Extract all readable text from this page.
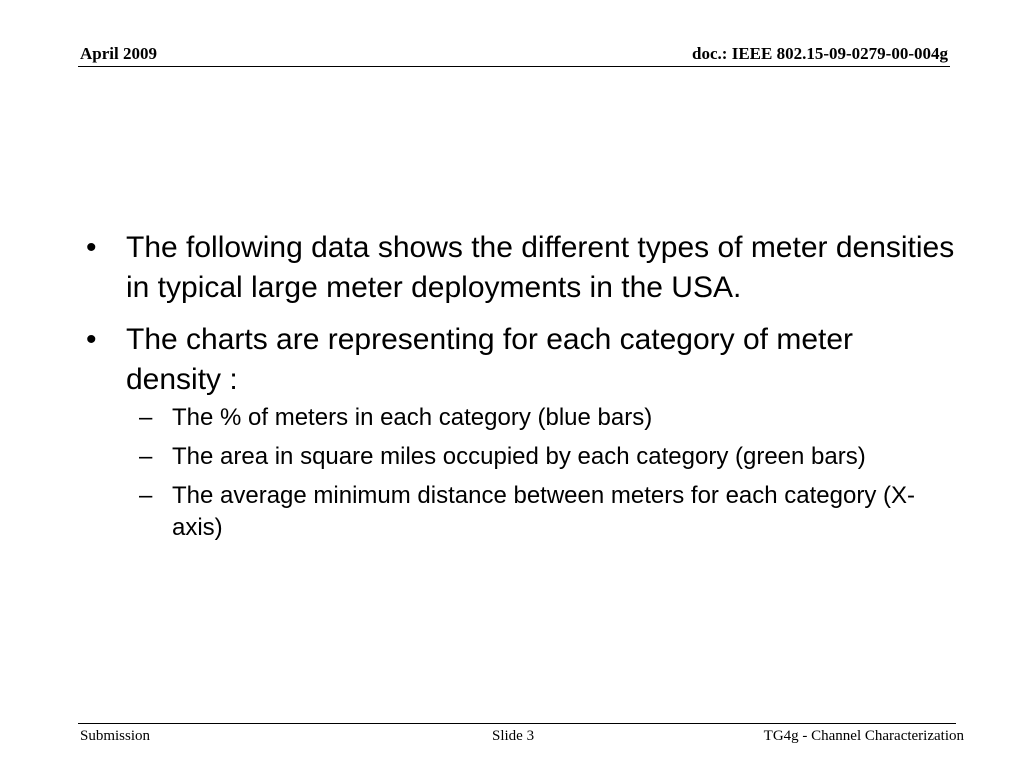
April 2009	doc.: IEEE 802.15-09-0279-00-004g
• The following data shows the different types of meter densities in typical large meter deployments in the USA.
• The charts are representing for each category of meter density :
– The % of meters in each category (blue bars)
– The area in square miles occupied by each category (green bars)
– The average minimum distance between meters for each category (X-axis)
Submission	Slide 3	TG4g - Channel Characterization
